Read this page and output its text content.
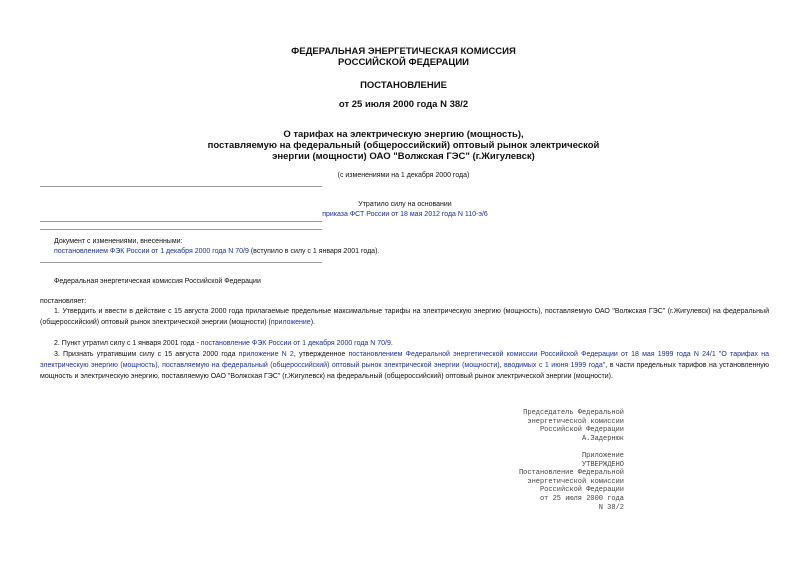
ФЕДЕРАЛЬНАЯ ЭНЕРГЕТИЧЕСКАЯ КОМИССИЯ
РОССИЙСКОЙ ФЕДЕРАЦИИ
ПОСТАНОВЛЕНИЕ
от 25 июля 2000 года N 38/2
О тарифах на электрическую энергию (мощность),
поставляемую на федеральный (общероссийский) оптовый рынок электрической
энергии (мощности) ОАО "Волжская ГЭС" (г.Жигулевск)
(с изменениями на 1 декабря 2000 года)
Утратило силу на основании
приказа ФСТ России от 18 мая 2012 года N 110-э/6
Документ с изменениями, внесенными:
постановлением ФЭК России от 1 декабря 2000 года N 70/9 (вступило в силу с 1 января 2001 года).
Федеральная энергетическая комиссия Российской Федерации
постановляет:
1. Утвердить и ввести в действие с 15 августа 2000 года прилагаемые предельные максимальные тарифы на электрическую энергию (мощность), поставляемую ОАО "Волжская ГЭС" (г.Жигулевск) на федеральный (общероссийский) оптовый рынок электрической энергии (мощности) (приложение).
2. Пункт утратил силу с 1 января 2001 года - постановление ФЭК России от 1 декабря 2000 года N 70/9.
3. Признать утратившим силу с 15 августа 2000 года приложение N 2, утвержденное постановлением Федеральной энергетической комиссии Российской Федерации от 18 мая 1999 года N 24/1 "О тарифах на электрическую энергию (мощность), поставляемую на федеральный (общероссийский) оптовый рынок электрической энергии (мощности), вводимых с 1 июня 1999 года", в части предельных тарифов на установленную мощность и электрическую энергию, поставляемую ОАО "Волжская ГЭС" (г.Жигулевск) на федеральный (общероссийский) оптовый рынок электрической энергии (мощности).
Председатель Федеральной
энергетической комиссии
Российской Федерации
А.Задернюк
Приложение
УТВЕРЖДЕНО
Постановление Федеральной
энергетической комиссии
Российской Федерации
от 25 июля 2000 года
N 38/2
